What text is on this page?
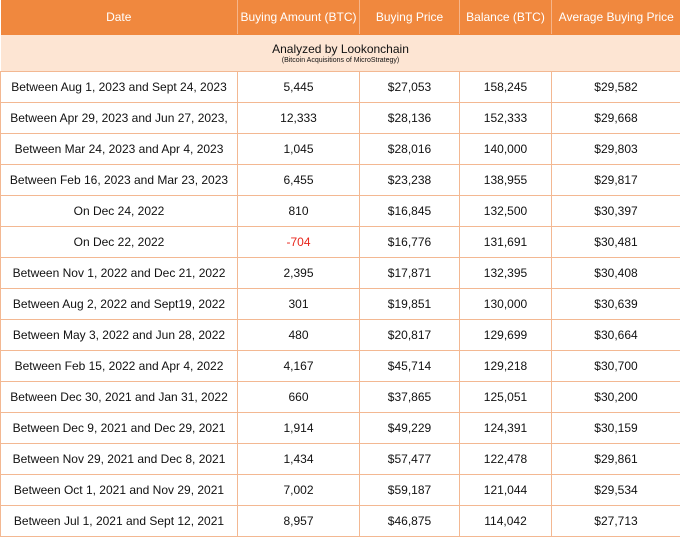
Date	Buying Amount (BTC)	Buying Price	Balance (BTC)	Average Buying Price

Analyzed by Lookonchain
(Bitcoin Acquisitions of MicroStrategy)				

Between Aug 1, 2023 and Sept 24, 2023	5,445	$27,053	158,245	$29,582
Between Apr 29, 2023 and Jun 27, 2023,	12,333	$28,136	152,333	$29,668
Between Mar 24, 2023 and Apr 4, 2023	1,045	$28,016	140,000	$29,803
Between Feb 16, 2023 and Mar 23, 2023	6,455	$23,238	138,955	$29,817
On Dec 24, 2022	810	$16,845	132,500	$30,397
On Dec 22, 2022	-704	$16,776	131,691	$30,481
Between Nov 1, 2022 and Dec 21, 2022	2,395	$17,871	132,395	$30,408
Between Aug 2, 2022 and Sept19, 2022	301	$19,851	130,000	$30,639
Between May 3, 2022 and Jun 28, 2022	480	$20,817	129,699	$30,664
Between Feb 15, 2022 and Apr 4, 2022	4,167	$45,714	129,218	$30,700
Between Dec 30, 2021 and Jan 31, 2022	660	$37,865	125,051	$30,200
Between Dec 9, 2021 and Dec 29, 2021	1,914	$49,229	124,391	$30,159
Between Nov 29, 2021 and Dec 8, 2021	1,434	$57,477	122,478	$29,861
Between Oct 1, 2021 and Nov 29, 2021	7,002	$59,187	121,044	$29,534
Between Jul 1, 2021 and Sept 12, 2021	8,957	$46,875	114,042	$27,713
